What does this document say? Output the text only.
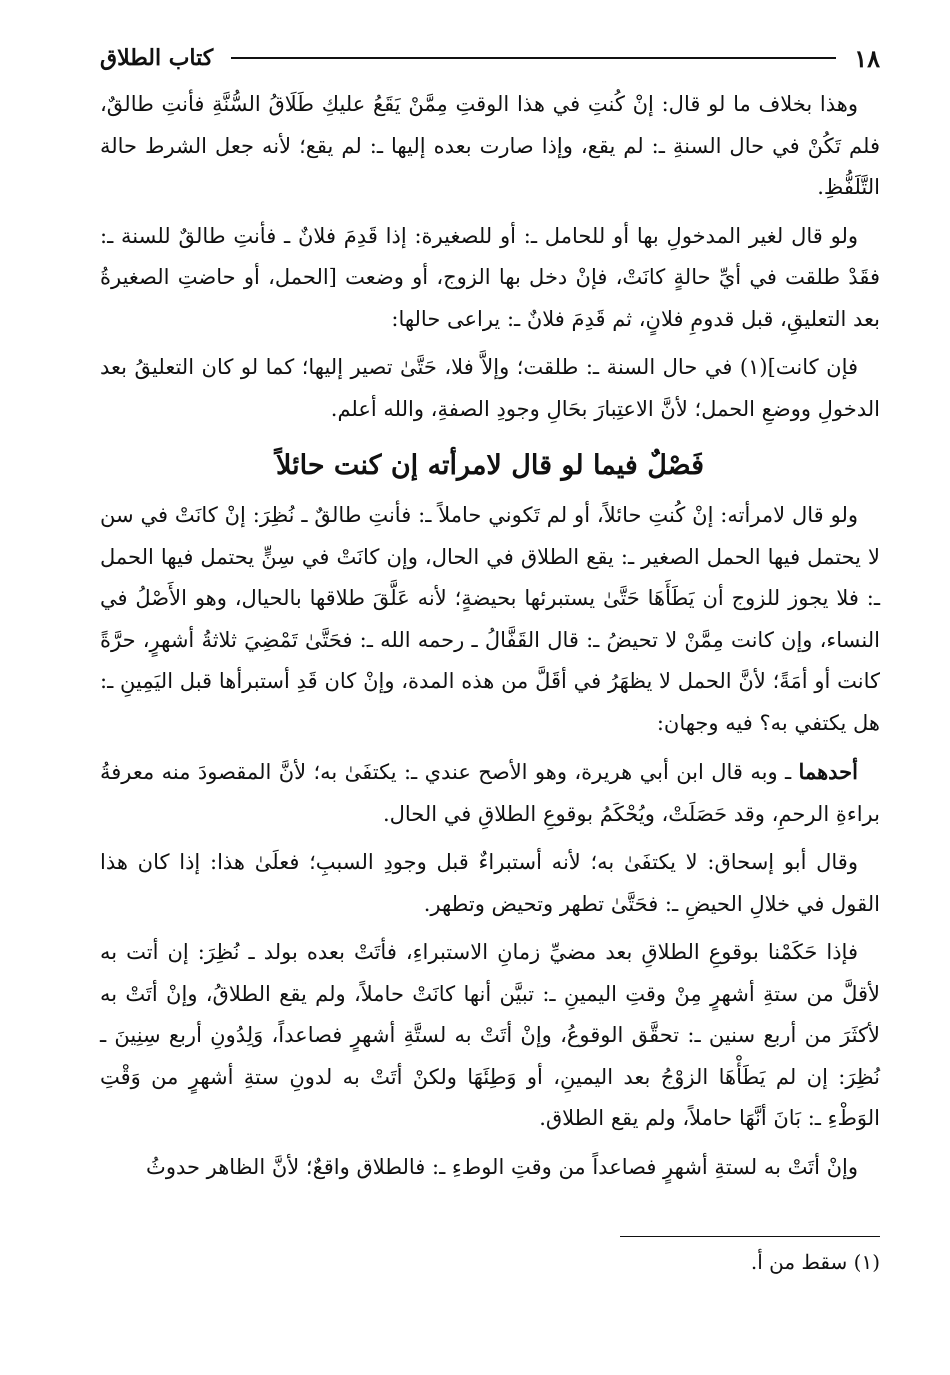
١٨
كتاب الطلاق

وهذا بخلاف ما لو قال: إنْ كُنتِ في هذا الوقتِ مِمَّنْ يَقَعُ عليكِ طَلَاقُ السُّنَّةِ فأنتِ طالقٌ، فلم تَكُنْ في حال السنةِ ـ: لم يقع، وإذا صارت بعده إليها ـ: لم يقع؛ لأنه جعل الشرط حالة التَّلَفُّظِ.

ولو قال لغير المدخولِ بها أو للحامل ـ: أو للصغيرة: إذا قَدِمَ فلانٌ ـ فأنتِ طالقٌ للسنة ـ: فقَدْ طلقت في أيِّ حالةٍ كانَتْ، فإنْ دخل بها الزوج، أو وضعت [الحمل، أو حاضتِ الصغيرةُ بعد التعليقِ، قبل قدومِ فلانٍ، ثم قَدِمَ فلانٌ ـ: يراعى حالها:

فإن كانت](١) في حال السنة ـ: طلقت؛ وإلاَّ فلا، حَتَّىٰ تصير إليها؛ كما لو كان التعليقُ بعد الدخولِ ووضعِ الحمل؛ لأنَّ الاعتِبارَ بحَالِ وجودِ الصفةِ، والله أعلم.

فَصْلٌ فيما لو قال لامرأته إن كنت حائلاً

ولو قال لامرأته: إنْ كُنتِ حائلاً، أو لم تَكوني حاملاً ـ: فأنتِ طالقٌ ـ نُظِرَ: إنْ كانَتْ في سن لا يحتمل فيها الحمل الصغير ـ: يقع الطلاق في الحال، وإن كانَتْ في سِنٍّ يحتمل فيها الحمل ـ: فلا يجوز للزوج أن يَطَأَهَا حَتَّىٰ يستبرئها بحيضةٍ؛ لأنه عَلَّقَ طلاقها بالحيال، وهو الأَصْلُ في النساء، وإن كانت مِمَّنْ لا تحيضُ ـ: قال القَفَّالُ ـ رحمه الله ـ: فحَتَّىٰ تَمْضِيَ ثلاثةُ أشهرٍ، حرَّةً كانت أو أمَةً؛ لأنَّ الحمل لا يظهَرُ في أقَلَّ من هذه المدة، وإنْ كان قَدِ أستبرأها قبل اليَمِينِ ـ: هل يكتفي به؟ فيه وجهان:

أحدهما ـ وبه قال ابن أبي هريرة، وهو الأصح عندي ـ: يكتفَىٰ به؛ لأنَّ المقصودَ منه معرفةُ براءةِ الرحمِ، وقد حَصَلَتْ، ويُحْكَمُ بوقوعِ الطلاقِ في الحال.

وقال أبو إسحاق: لا يكتفَىٰ به؛ لأنه أستبراءٌ قبل وجودِ السببِ؛ فعلَىٰ هذا: إذا كان هذا القول في خلالِ الحيضِ ـ: فحَتَّىٰ تطهر وتحيض وتطهر.

فإذا حَكَمْنا بوقوعِ الطلاقِ بعد مضيِّ زمانِ الاستبراءِ، فأتَتْ بعده بولد ـ نُظِرَ: إن أتت به لأقلَّ من ستةِ أشهرٍ مِنْ وقتِ اليمينِ ـ: تبيَّن أنها كانَتْ حاملاً، ولم يقع الطلاقُ، وإنْ أتَتْ به لأكثَرَ من أربع سنين ـ: تحقَّق الوقوعُ، وإنْ أتَتْ به لستَّةِ أشهرٍ فصاعداً، وَلِدُونِ أربع سِنِينَ ـ نُظِرَ: إن لم يَطَأْهَا الزوْجُ بعد اليمينِ، أو وَطِئَهَا ولكنْ أتَتْ به لدونِ ستةِ أشهرٍ من وَقْتِ الوَطْءِ ـ: بَانَ أنَّهَا حاملاً، ولم يقع الطلاق.

وإنْ أتَتْ به لستةِ أشهرٍ فصاعداً من وقتِ الوطءِ ـ: فالطلاق واقعٌ؛ لأنَّ الظاهر حدوثُ

(١) سقط من أ.
